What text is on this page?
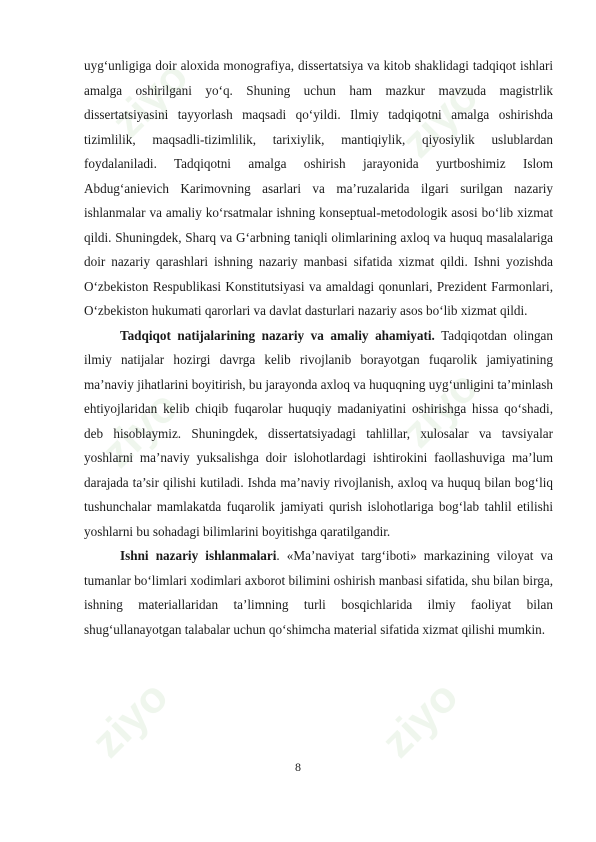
ziyo	ziyo
ziyo	ziyo
ziyo	ziyo

uyg‘unligiga doir aloxida monografiya, dissertatsiya va kitob shaklidagi tadqiqot ishlari amalga oshirilgani yo‘q. Shuning uchun ham mazkur mavzuda magistrlik dissertatsiyasini tayyorlash maqsadi qo‘yildi. Ilmiy tadqiqotni amalga oshirishda tizimlilik, maqsadli-tizimlilik, tarixiylik, mantiqiylik, qiyosiylik uslublardan foydalaniladi. Tadqiqotni amalga oshirish jarayonida yurtboshimiz Islom Abdug‘anievich Karimovning asarlari va ma’ruzalarida ilgari surilgan nazariy ishlanmalar va amaliy ko‘rsatmalar ishning konseptual-metodologik asosi bo‘lib xizmat qildi. Shuningdek, Sharq va G‘arbning taniqli olimlarining axloq va huquq masalalariga doir nazariy qarashlari ishning nazariy manbasi sifatida xizmat qildi. Ishni yozishda O‘zbekiston Respublikasi Konstitutsiyasi va amaldagi qonunlari, Prezident Farmonlari, O‘zbekiston hukumati qarorlari va davlat dasturlari nazariy asos bo‘lib xizmat qildi.

Tadqiqot natijalarining nazariy va amaliy ahamiyati. Tadqiqotdan olingan ilmiy natijalar hozirgi davrga kelib rivojlanib borayotgan fuqarolik jamiyatining ma’naviy jihatlarini boyitirish, bu jarayonda axloq va huquqning uyg‘unligini ta’minlash ehtiyojlaridan kelib chiqib fuqarolar huquqiy madaniyatini oshirishga hissa qo‘shadi, deb hisoblaymiz. Shuningdek, dissertatsiyadagi tahlillar, xulosalar va tavsiyalar yoshlarni ma’naviy yuksalishga doir islohotlardagi ishtirokini faollashuviga ma’lum darajada ta’sir qilishi kutiladi. Ishda ma’naviy rivojlanish, axloq va huquq bilan bog‘liq tushunchalar mamlakatda fuqarolik jamiyati qurish islohotlariga bog‘lab tahlil etilishi yoshlarni bu sohadagi bilimlarini boyitishga qaratilgandir.

Ishni nazariy ishlanmalari. «Ma’naviyat targ‘iboti» markazining viloyat va tumanlar bo‘limlari xodimlari axborot bilimini oshirish manbasi sifatida, shu bilan birga, ishning materiallaridan ta’limning turli bosqichlarida ilmiy faoliyat bilan shug‘ullanayotgan talabalar uchun qo‘shimcha material sifatida xizmat qilishi mumkin.

8
